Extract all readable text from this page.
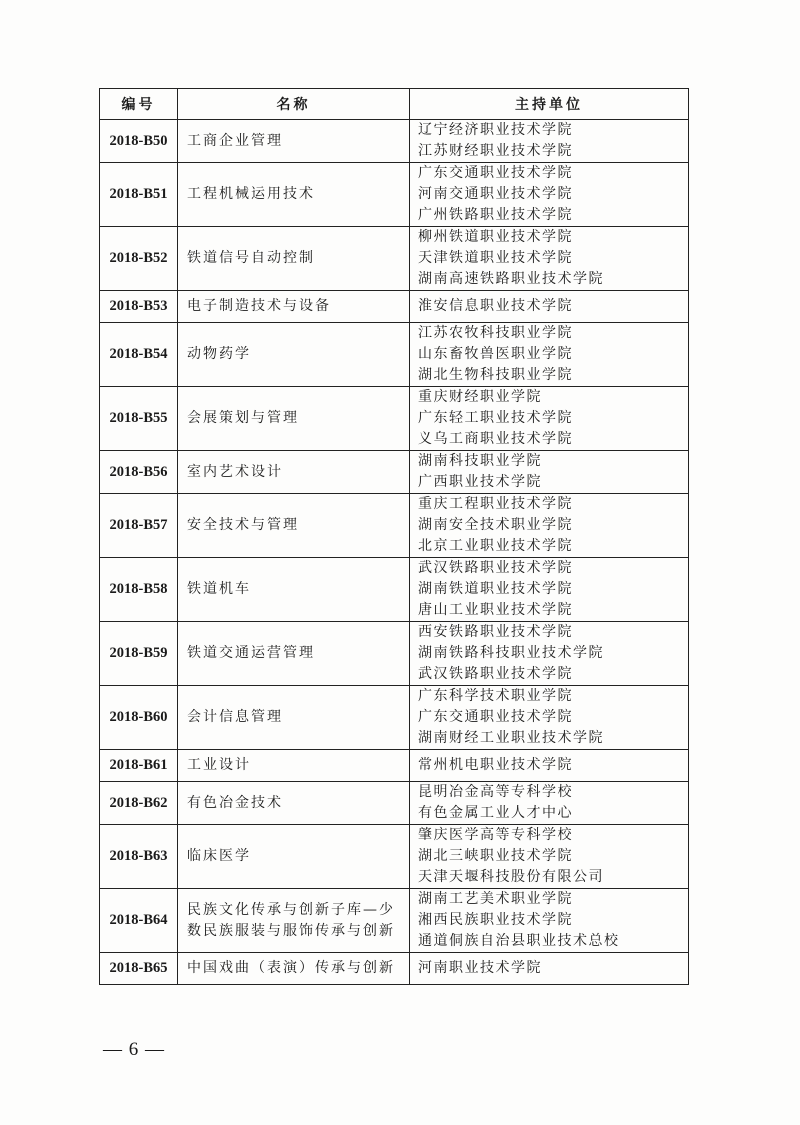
编号	名称	主持单位
2018-B50	工商企业管理	辽宁经济职业技术学院
江苏财经职业技术学院

2018-B51	工程机械运用技术	广东交通职业技术学院
河南交通职业技术学院
广州铁路职业技术学院

2018-B52	铁道信号自动控制	柳州铁道职业技术学院
天津铁道职业技术学院
湖南高速铁路职业技术学院

2018-B53	电子制造技术与设备	淮安信息职业技术学院

2018-B54	动物药学	江苏农牧科技职业学院
山东畜牧兽医职业学院
湖北生物科技职业学院

2018-B55	会展策划与管理	重庆财经职业学院
广东轻工职业技术学院
义乌工商职业技术学院

2018-B56	室内艺术设计	湖南科技职业学院
广西职业技术学院

2018-B57	安全技术与管理	重庆工程职业技术学院
湖南安全技术职业学院
北京工业职业技术学院

2018-B58	铁道机车	武汉铁路职业技术学院
湖南铁道职业技术学院
唐山工业职业技术学院

2018-B59	铁道交通运营管理	西安铁路职业技术学院
湖南铁路科技职业技术学院
武汉铁路职业技术学院

2018-B60	会计信息管理	广东科学技术职业学院
广东交通职业技术学院
湖南财经工业职业技术学院

2018-B61	工业设计	常州机电职业技术学院

2018-B62	有色冶金技术	昆明冶金高等专科学校
有色金属工业人才中心

2018-B63	临床医学	肇庆医学高等专科学校
湖北三峡职业技术学院
天津天堰科技股份有限公司

2018-B64	民族文化传承与创新子库—少数民族服装与服饰传承与创新	湖南工艺美术职业学院
湘西民族职业技术学院
通道侗族自治县职业技术总校

2018-B65	中国戏曲（表演）传承与创新	河南职业技术学院
— 6 —
